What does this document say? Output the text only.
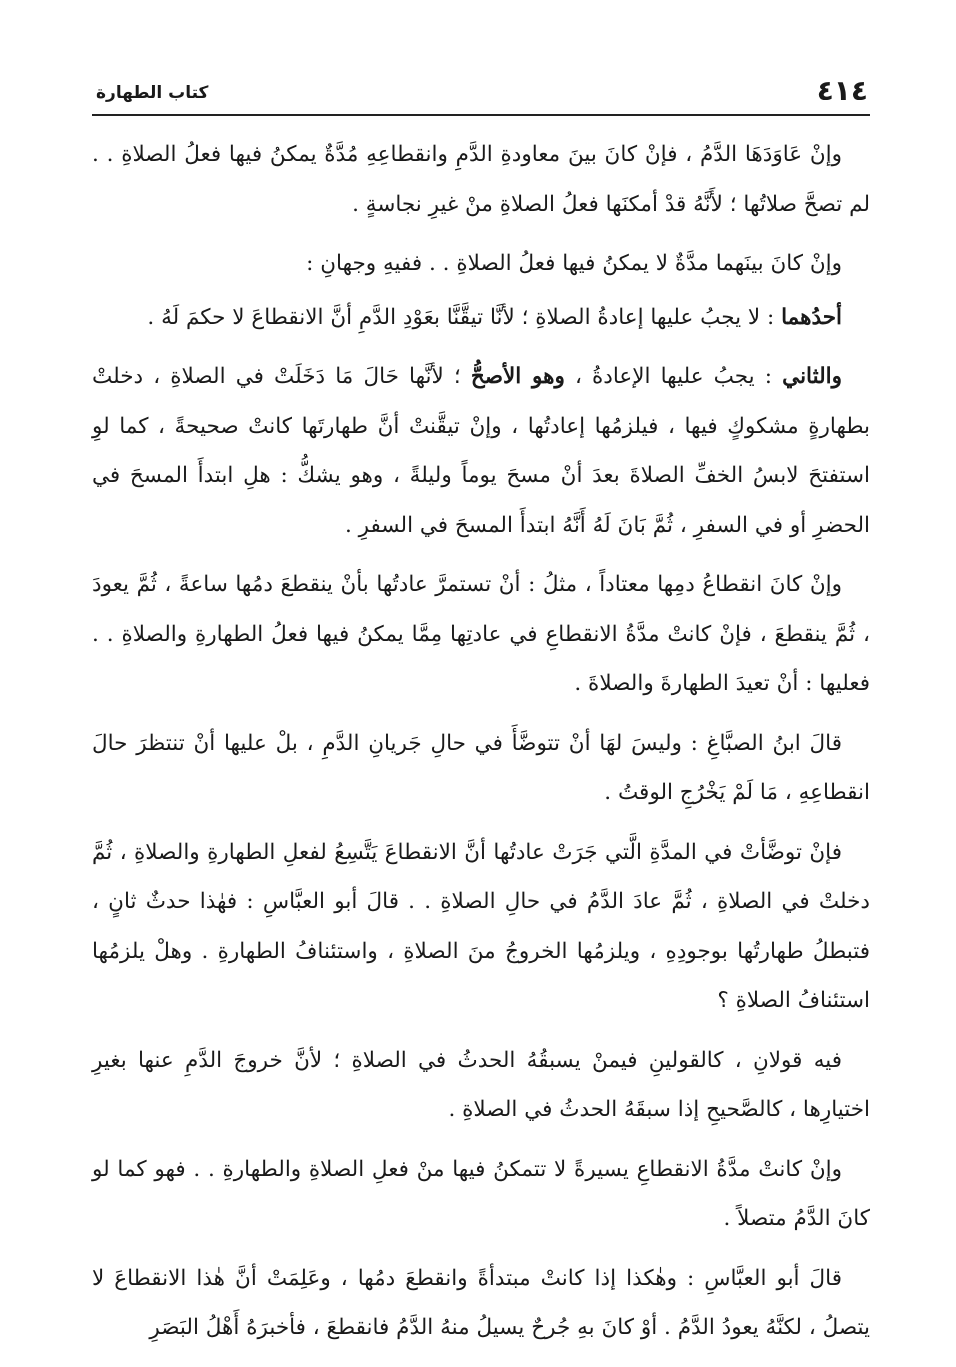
٤١٤
كتاب الطهارة

وإنْ عَاوَدَهَا الدَّمُ ، فإنْ كانَ بينَ معاودةِ الدَّمِ وانقطاعِهِ مُدَّةٌ يمكنُ فيها فعلُ الصلاةِ . . لم تصحَّ صلاتُها ؛ لأَنَّهُ قدْ أمكنَها فعلُ الصلاةِ منْ غيرِ نجاسةٍ .

وإنْ كانَ بينَهما مدَّةٌ لا يمكنُ فيها فعلُ الصلاةِ . . ففيهِ وجهانِ :

أحدُهما : لا يجبُ عليها إعادةُ الصلاةِ ؛ لأنَّا تيقَّنَّا بعَوْدِ الدَّمِ أنَّ الانقطاعَ لا حكمَ لَهُ .

والثاني : يجبُ عليها الإعادةُ ، وهو الأصحُّ ؛ لأنَّها حَالَ مَا دَخَلَتْ في الصلاةِ ، دخلتْ بطهارةٍ مشكوكٍ فيها ، فيلزمُها إعادتُها ، وإنْ تيقَّنتْ أنَّ طهارتَها كانتْ صحيحةً ، كما لوِ استفتحَ لابسُ الخفِّ الصلاةَ بعدَ أنْ مسحَ يوماً وليلةً ، وهو يشكُّ : هلِ ابتدأَ المسحَ في الحضرِ أو في السفرِ ، ثُمَّ بَانَ لَهُ أَنَّهُ ابتدأَ المسحَ في السفرِ .

وإنْ كانَ انقطاعُ دمِها معتاداً ، مثلُ : أنْ تستمرَّ عادتُها بأنْ ينقطعَ دمُها ساعةً ، ثُمَّ يعودَ ، ثُمَّ ينقطعَ ، فإنْ كانتْ مدَّةُ الانقطاعِ في عادتِها مِمَّا يمكنُ فيها فعلُ الطهارةِ والصلاةِ . . فعليها : أنْ تعيدَ الطهارةَ والصلاةَ .

قالَ ابنُ الصبَّاغِ : وليسَ لهَا أنْ تتوضَّأَ في حالِ جَريانِ الدَّمِ ، بلْ عليها أنْ تنتظرَ حالَ انقطاعِهِ ، مَا لَمْ يَخْرُجِ الوقتُ .

فإنْ توضَّأتْ في المدَّةِ الَّتي جَرَتْ عادتُها أنَّ الانقطاعَ يَتَّسِعُ لفعلِ الطهارةِ والصلاةِ ، ثُمَّ دخلتْ في الصلاةِ ، ثُمَّ عادَ الدَّمُ في حالِ الصلاةِ . . قالَ أبو العبَّاسِ : فهٰذا حدثٌ ثانٍ ، فتبطلُ طهارتُها بوجودِهِ ، ويلزمُها الخروجُ منَ الصلاةِ ، واستئنافُ الطهارةِ . وهلْ يلزمُها استئنافُ الصلاةِ ؟

فيه قولانِ ، كالقولينِ فيمنْ يسبقُهُ الحدثُ في الصلاةِ ؛ لأنَّ خروجَ الدَّمِ عنها بغيرِ اختيارِها ، كالصَّحيحِ إذا سبقَهُ الحدثُ في الصلاةِ .

وإنْ كانتْ مدَّةُ الانقطاعِ يسيرةً لا تتمكنُ فيها منْ فعلِ الصلاةِ والطهارةِ . . فهو كما لو كانَ الدَّمُ متصلاً .

قالَ أبو العبَّاسِ : وهٰكذا إذا كانتْ مبتدأةً وانقطعَ دمُها ، وعَلِمَتْ أنَّ هٰذا الانقطاعَ لا يتصلُ ، لكنَّهُ يعودُ الدَّمُ . أوْ كانَ بهِ جُرحٌ يسيلُ منهُ الدَّمُ فانقطعَ ، فأخبرَهُ أَهْلُ البَصَرِ
